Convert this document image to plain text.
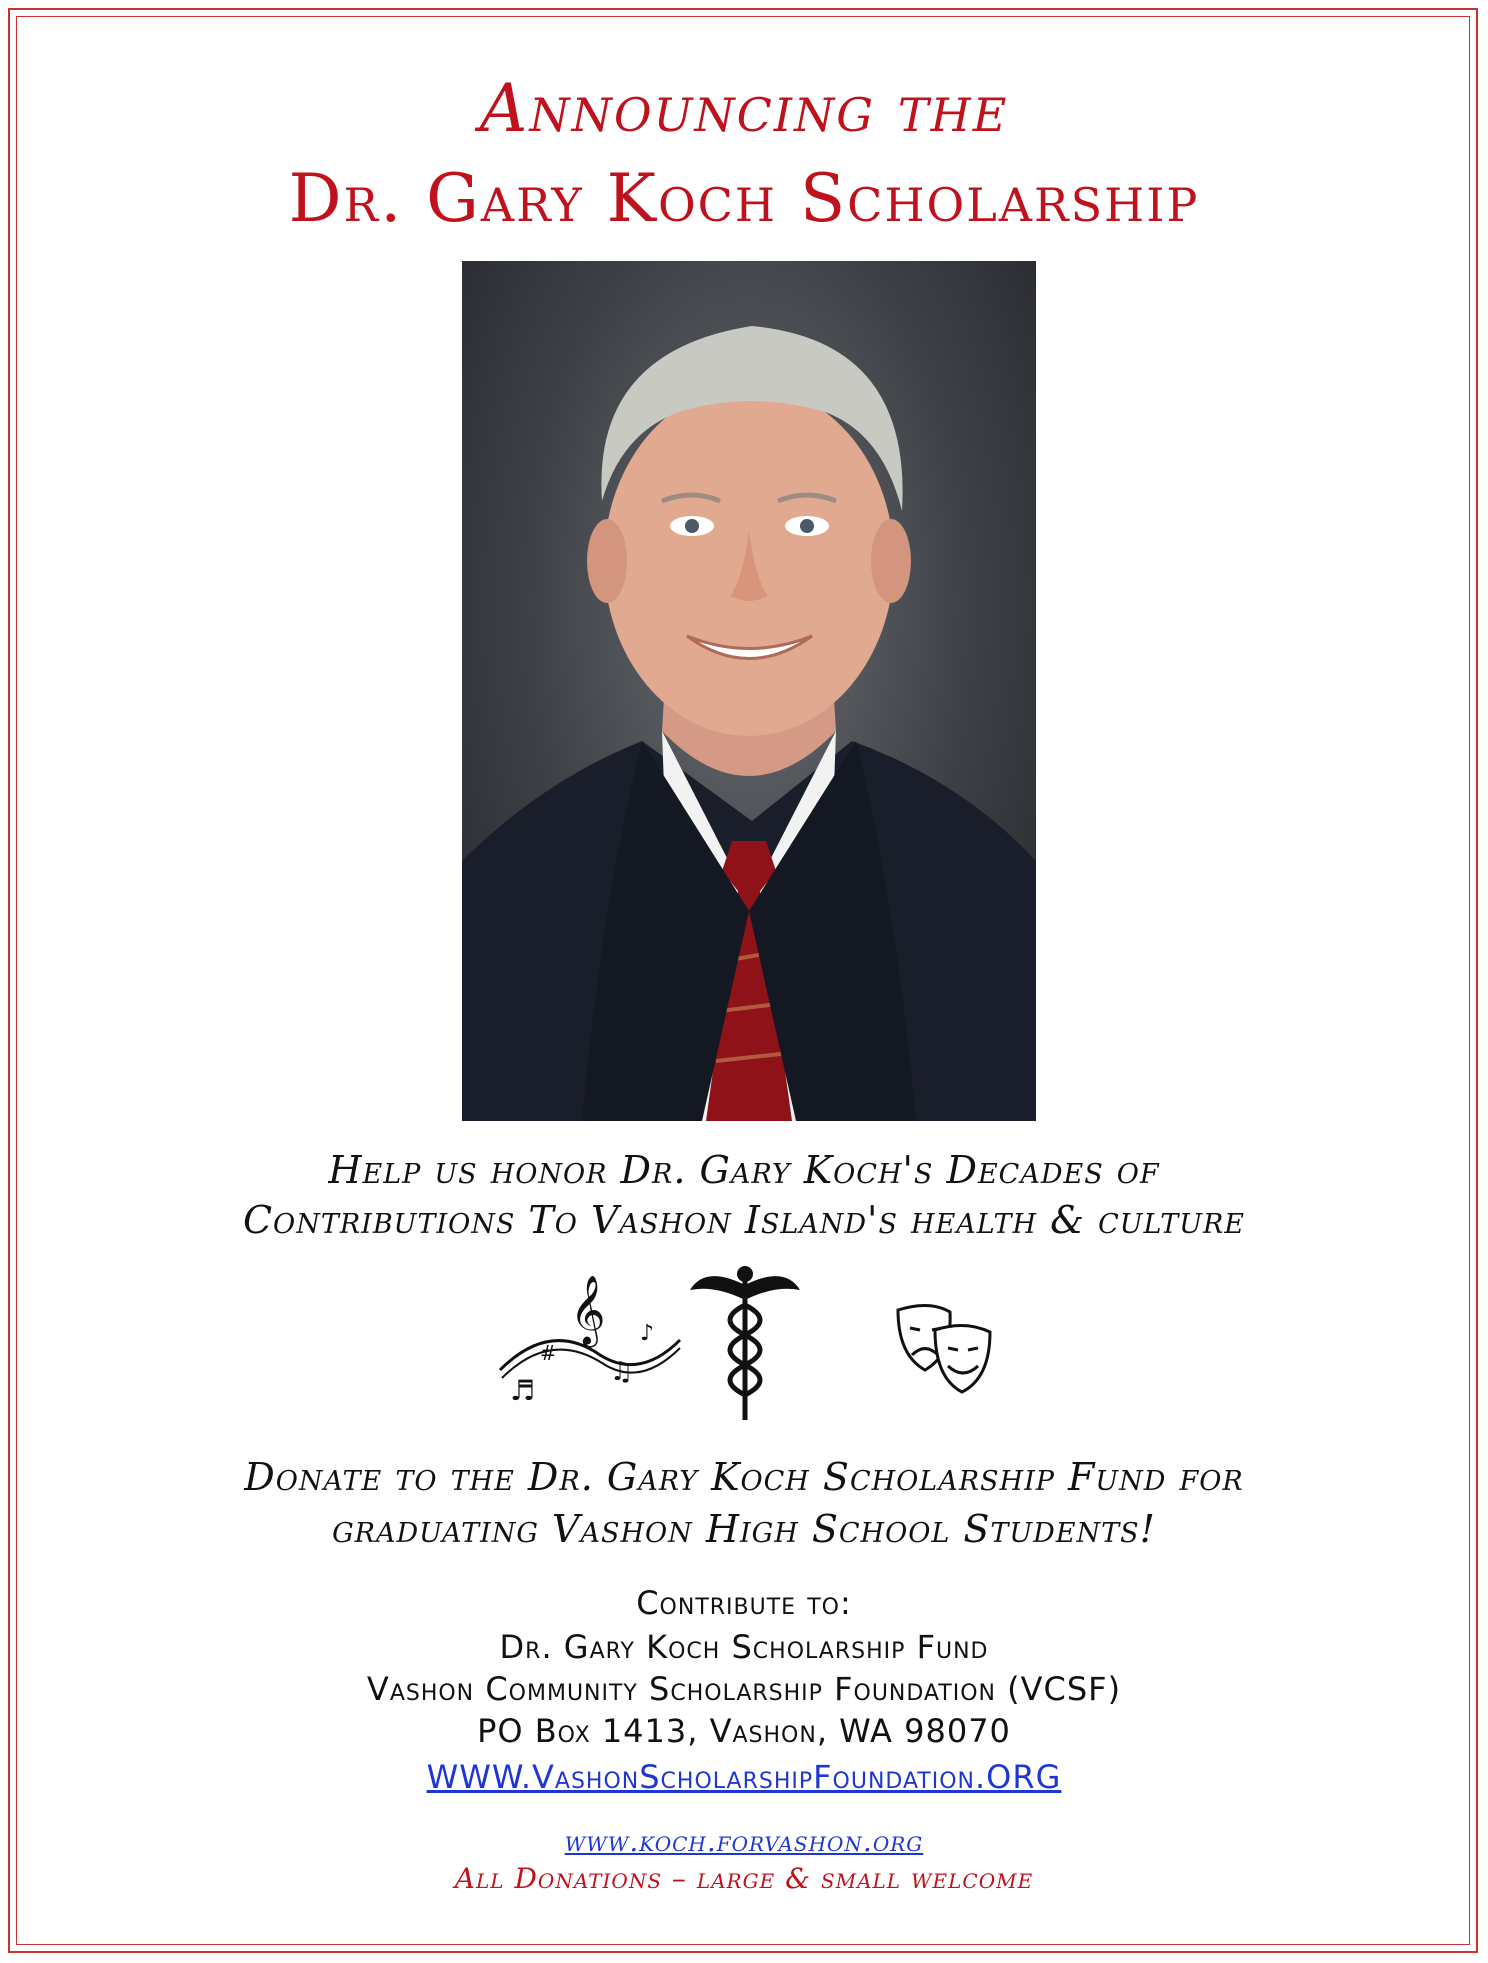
Announcing the
Dr. Gary Koch Scholarship

Help us honor Dr. Gary Koch's Decades of

Contributions To Vashon Island's health & culture

𝄞
♬
♫
♪
#

Donate to the Dr. Gary Koch Scholarship Fund for

graduating Vashon High School Students!

Contribute to:

Dr. Gary Koch Scholarship Fund

Vashon Community Scholarship Foundation (VCSF)

PO Box 1413, Vashon, WA 98070

WWW.VashonScholarshipFoundation.ORG

www.koch.forvashon.org

All Donations – large & small welcome
